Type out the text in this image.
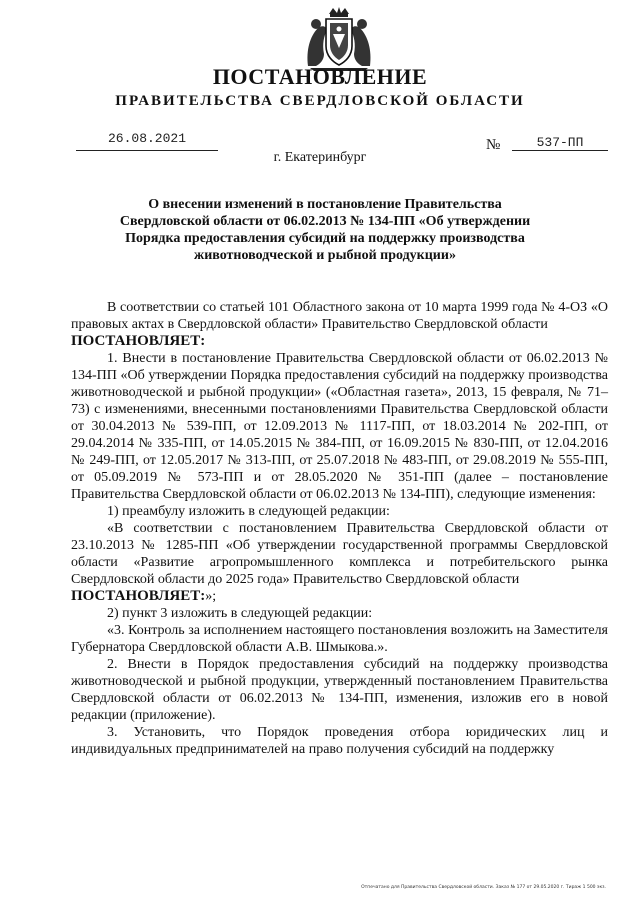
ПОСТАНОВЛЕНИЕ
ПРАВИТЕЛЬСТВА СВЕРДЛОВСКОЙ ОБЛАСТИ
26.08.2021	№	537-ПП
г. Екатеринбург
О внесении изменений в постановление Правительства
Свердловской области от 06.02.2013 № 134-ПП «Об утверждении
Порядка предоставления субсидий на поддержку производства
животноводческой и рыбной продукции»

В соответствии со статьей 101 Областного закона от 10 марта 1999 года № 4-ОЗ «О правовых актах в Свердловской области» Правительство Свердловской области

ПОСТАНОВЛЯЕТ:

1. Внести в постановление Правительства Свердловской области от 06.02.2013 № 134-ПП «Об утверждении Порядка предоставления субсидий на поддержку производства животноводческой и рыбной продукции» («Областная газета», 2013, 15 февраля, № 71–73) с изменениями, внесенными постановлениями Правительства Свердловской области от 30.04.2013 № 539-ПП, от 12.09.2013 № 1117-ПП, от 18.03.2014 № 202-ПП, от 29.04.2014 № 335-ПП, от 14.05.2015 № 384-ПП, от 16.09.2015 № 830-ПП, от 12.04.2016 № 249-ПП, от 12.05.2017 № 313-ПП, от 25.07.2018 № 483-ПП, от 29.08.2019 № 555-ПП, от 05.09.2019 № 573-ПП и от 28.05.2020 № 351-ПП (далее – постановление Правительства Свердловской области от 06.02.2013 № 134-ПП), следующие изменения:

1) преамбулу изложить в следующей редакции:

«В соответствии с постановлением Правительства Свердловской области от 23.10.2013 № 1285-ПП «Об утверждении государственной программы Свердловской области «Развитие агропромышленного комплекса и потребительского рынка Свердловской области до 2025 года» Правительство Свердловской области

ПОСТАНОВЛЯЕТ:»;

2) пункт 3 изложить в следующей редакции:

«3. Контроль за исполнением настоящего постановления возложить на Заместителя Губернатора Свердловской области А.В. Шмыкова.».

2. Внести в Порядок предоставления субсидий на поддержку производства животноводческой и рыбной продукции, утвержденный постановлением Правительства Свердловской области от 06.02.2013 № 134-ПП, изменения, изложив его в новой редакции (приложение).

3. Установить, что Порядок проведения отбора юридических лиц и индивидуальных предпринимателей на право получения субсидий на поддержку

Отпечатано для Правительства Свердловской области. Заказ № 177 от 29.05.2020 г. Тираж 1 500 экз.
